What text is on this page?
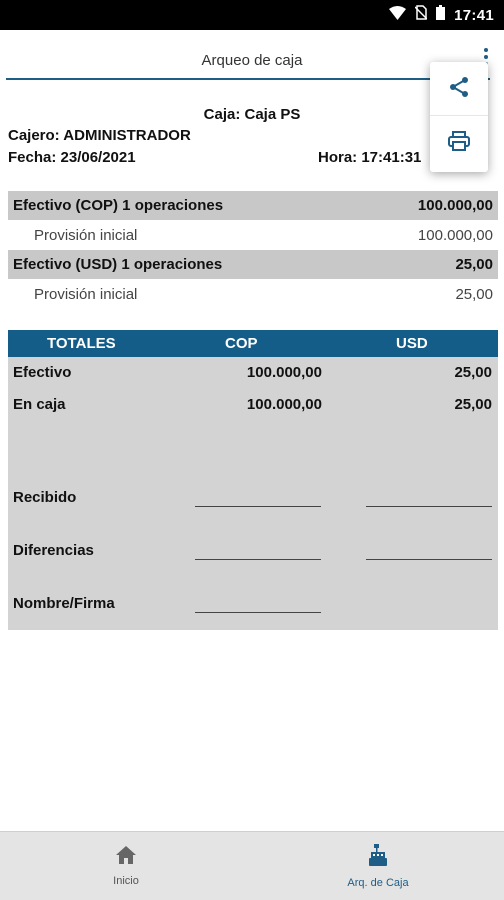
17:41
Arqueo de caja
Caja: Caja PS
Cajero: ADMINISTRADOR
Fecha: 23/06/2021	Hora: 17:41:31
Efectivo (COP) 1 operaciones	100.000,00
Provisión inicial	100.000,00
Efectivo (USD) 1 operaciones	25,00
Provisión inicial	25,00
TOTALES	COP	USD
Efectivo	100.000,00	25,00
En caja	100.000,00	25,00
Recibido
Diferencias
Nombre/Firma
Inicio	Arq. de Caja
